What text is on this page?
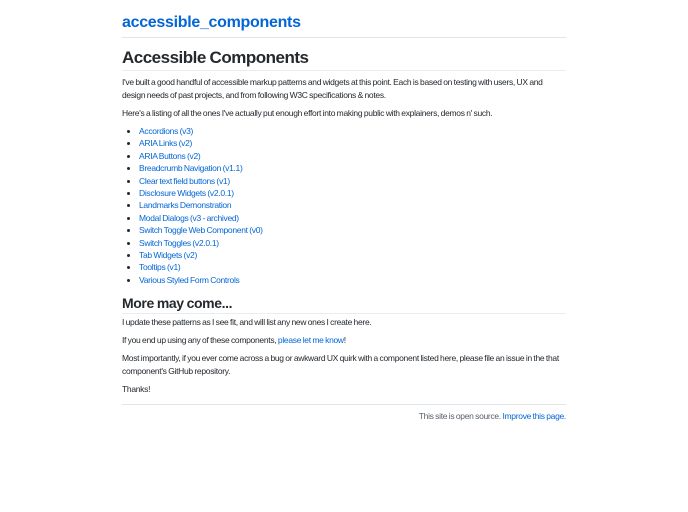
accessible_components
Accessible Components

I've built a good handful of accessible markup patterns and widgets at this point. Each is based on testing with users, UX and design needs of past projects, and from following W3C specifications & notes.

Here's a listing of all the ones I've actually put enough effort into making public with explainers, demos n' such.

• Accordions (v3)
• ARIA Links (v2)
• ARIA Buttons (v2)
• Breadcrumb Navigation (v1.1)
• Clear text field buttons (v1)
• Disclosure Widgets (v2.0.1)
• Landmarks Demonstration
• Modal Dialogs (v3 - archived)
• Switch Toggle Web Component (v0)
• Switch Toggles (v2.0.1)
• Tab Widgets (v2)
• Tooltips (v1)
• Various Styled Form Controls
More may come...

I update these patterns as I see fit, and will list any new ones I create here.

If you end up using any of these components, please let me know!

Most importantly, if you ever come across a bug or awkward UX quirk with a component listed here, please file an issue in the that component's GitHub repository.

Thanks!

This site is open source. Improve this page.
